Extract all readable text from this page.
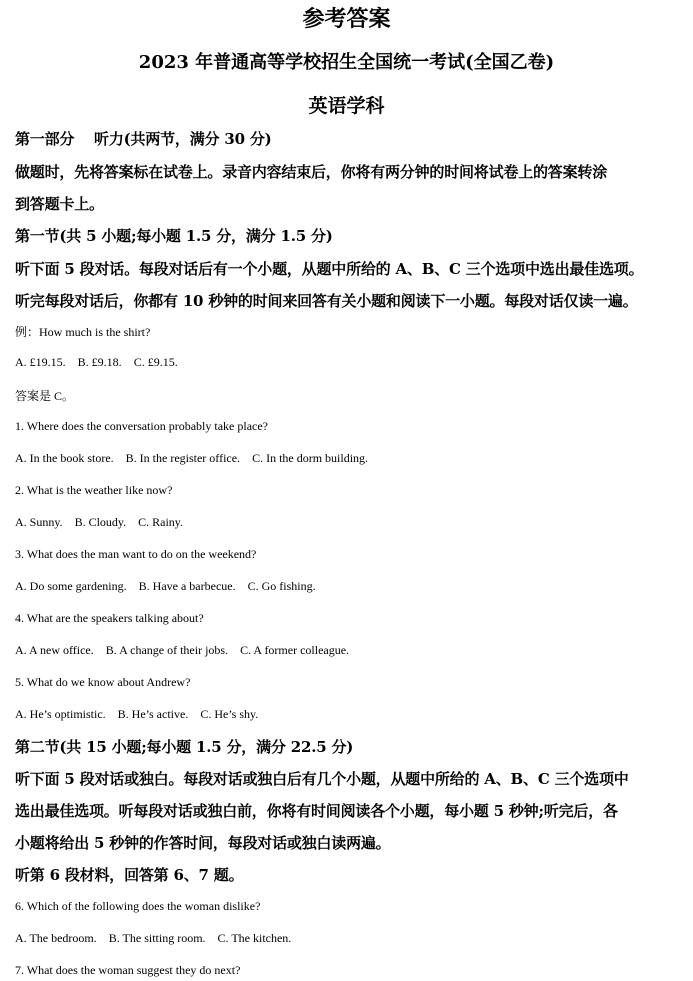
参考答案
2023 年普通高等学校招生全国统一考试(全国乙卷)
英语学科
第一部分　 听力(共两节，满分 30 分)
做题时，先将答案标在试卷上。录音内容结束后，你将有两分钟的时间将试卷上的答案转涂
到答题卡上。
第一节(共 5 小题;每小题 1.5 分，满分 1.5 分)
听下面 5 段对话。每段对话后有一个小题，从题中所给的 A、B、C 三个选项中选出最佳选项。
听完每段对话后，你都有 10 秒钟的时间来回答有关小题和阅读下一小题。每段对话仅读一遍。
例：How much is the shirt?
A. £19.15. B. £9.18. C. £9.15.
答案是 C。
1. Where does the conversation probably take place?
A. In the book store. B. In the register office. C. In the dorm building.
2. What is the weather like now?
A. Sunny. B. Cloudy. C. Rainy.
3. What does the man want to do on the weekend?
A. Do some gardening. B. Have a barbecue. C. Go fishing.
4. What are the speakers talking about?
A. A new office. B. A change of their jobs. C. A former colleague.
5. What do we know about Andrew?
A. He’s optimistic. B. He’s active. C. He’s shy.
第二节(共 15 小题;每小题 1.5 分，满分 22.5 分)
听下面 5 段对话或独白。每段对话或独白后有几个小题，从题中所给的 A、B、C 三个选项中
选出最佳选项。听每段对话或独白前，你将有时间阅读各个小题，每小题 5 秒钟;听完后，各
小题将给出 5 秒钟的作答时间，每段对话或独白读两遍。
听第 6 段材料，回答第 6、7 题。
6. Which of the following does the woman dislike?
A. The bedroom. B. The sitting room. C. The kitchen.
7. What does the woman suggest they do next?
